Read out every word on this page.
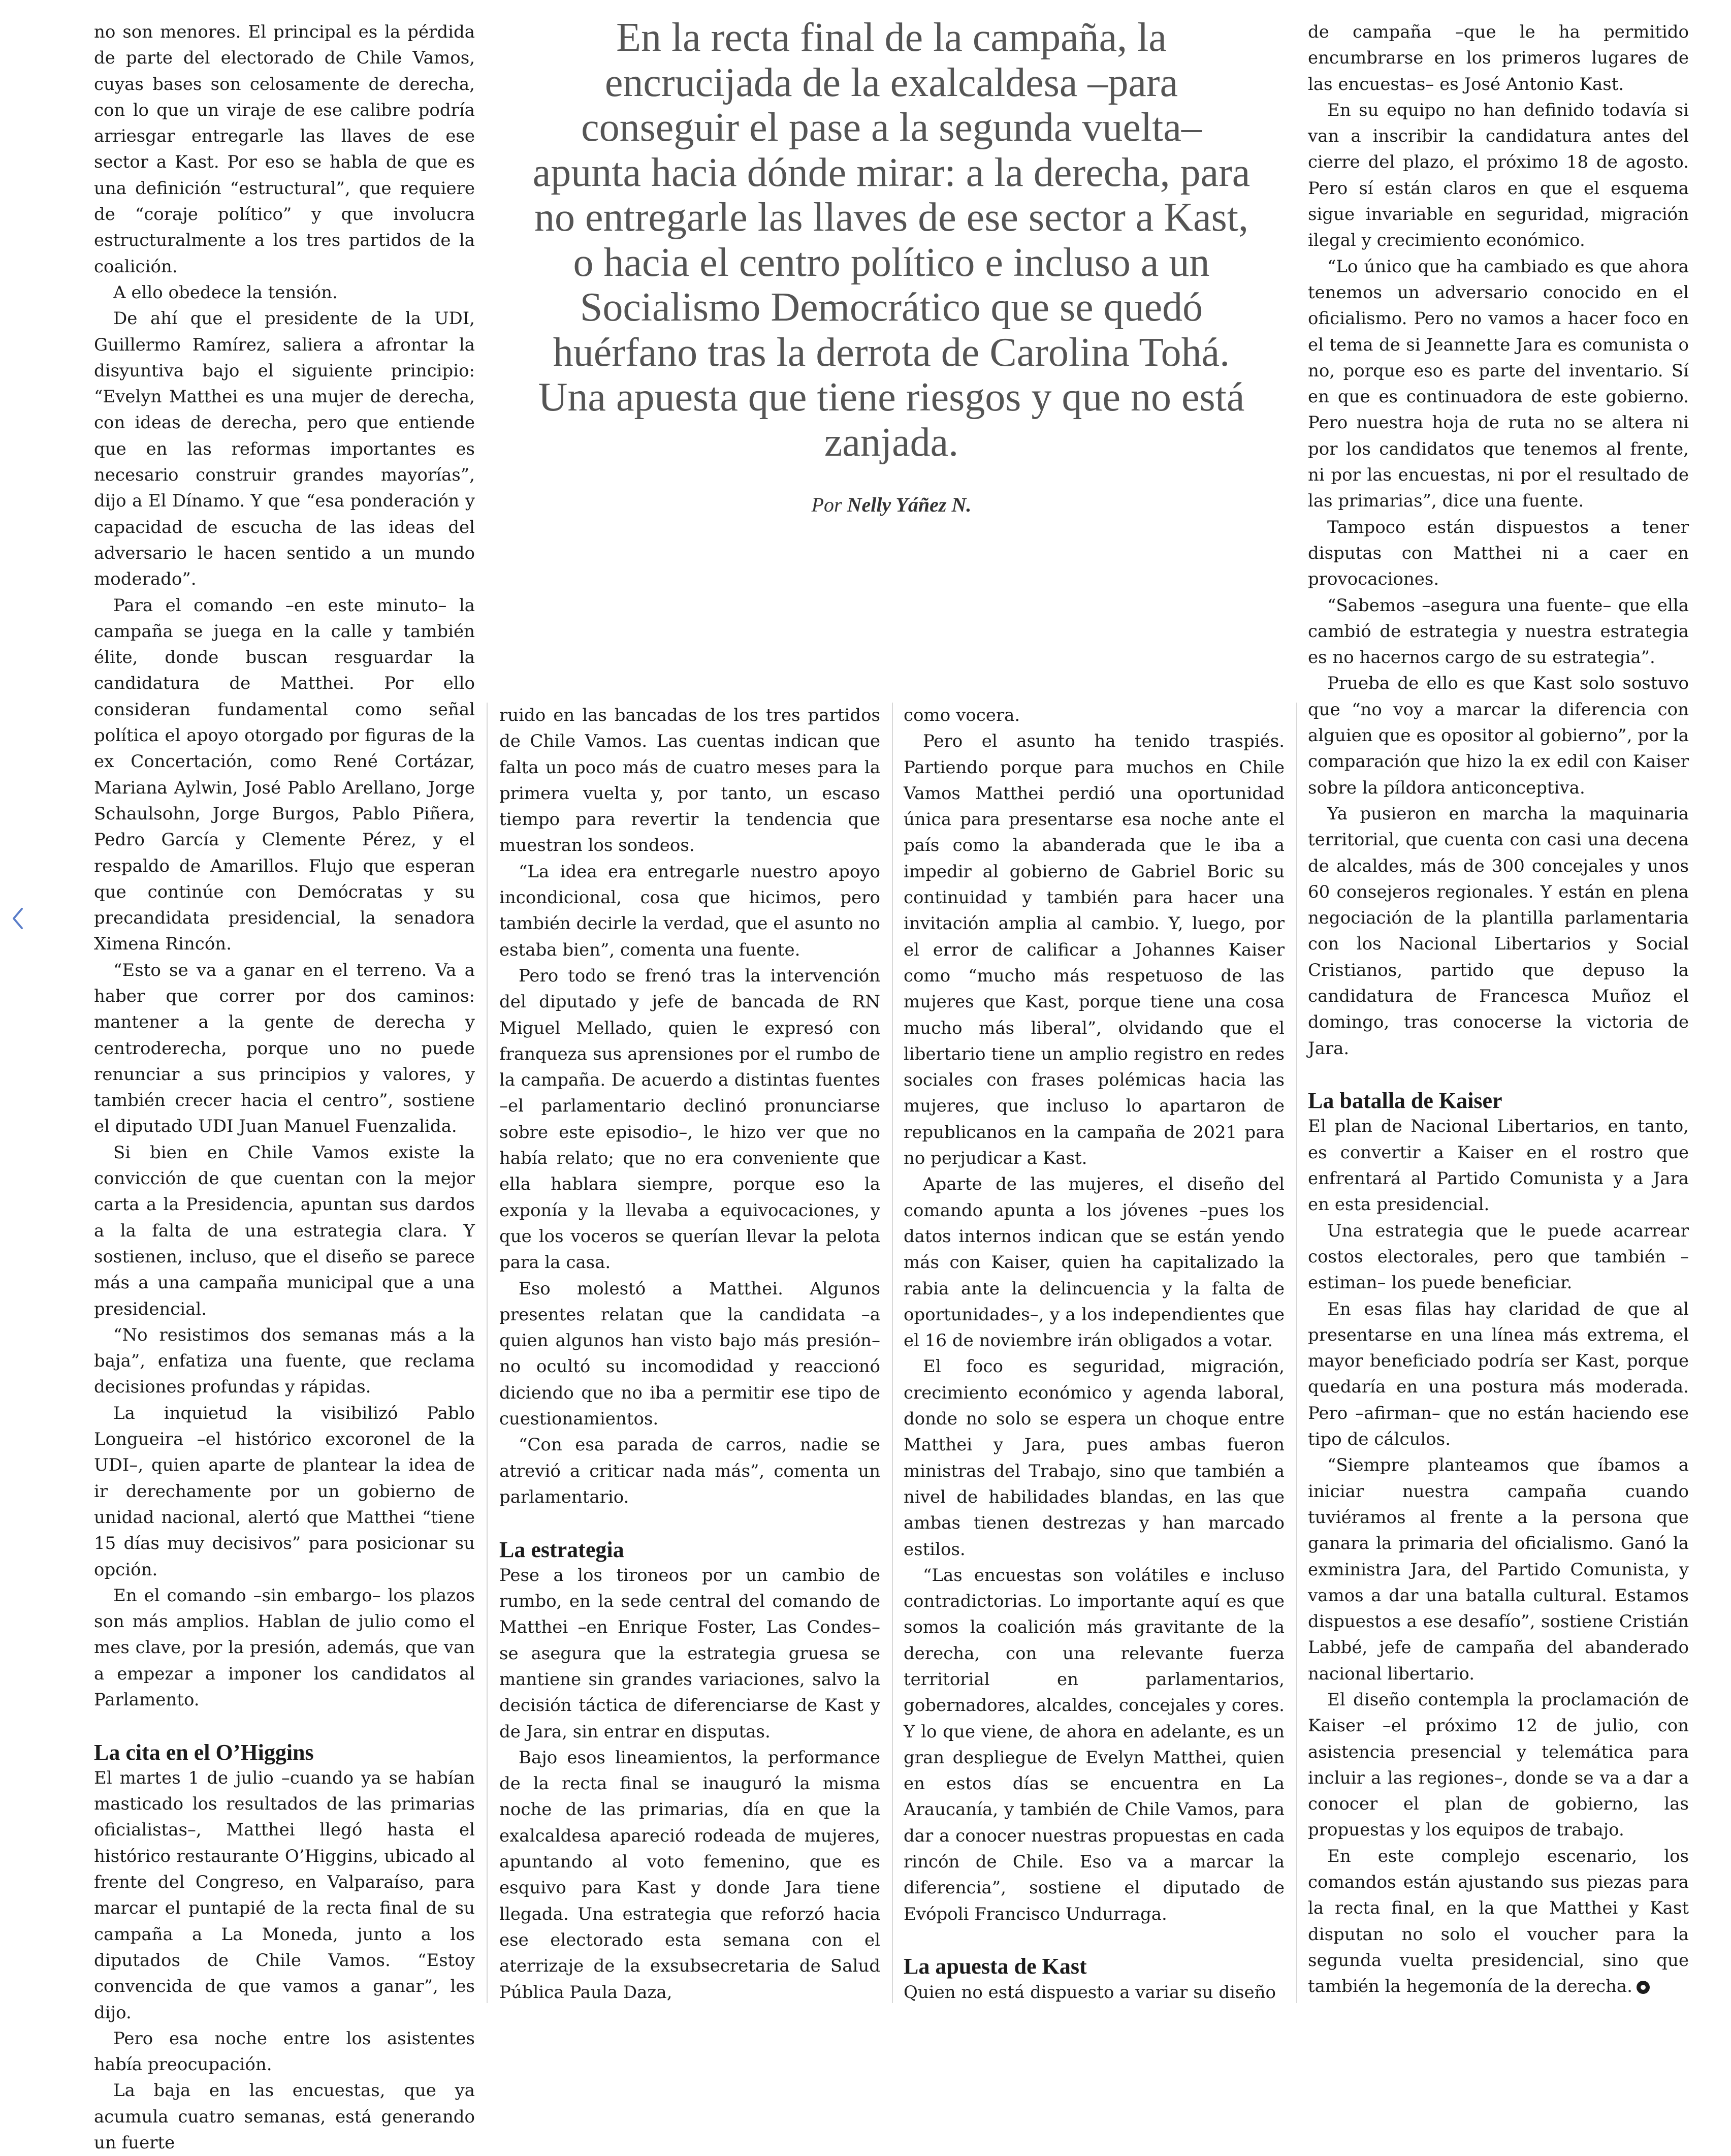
En la recta final de la campaña, la encrucijada de la exalcaldesa –para conseguir el pase a la segunda vuelta– apunta hacia dónde mirar: a la derecha, para no entregarle las llaves de ese sector a Kast, o hacia el centro político e incluso a un Socialismo Democrático que se quedó huérfano tras la derrota de Carolina Tohá. Una apuesta que tiene riesgos y que no está zanjada.

Por Nelly Yáñez N.

no son menores. El principal es la pérdida de parte del electorado de Chile Vamos, cuyas bases son celosamente de derecha, con lo que un viraje de ese calibre podría arriesgar entregarle las llaves de ese sector a Kast. Por eso se habla de que es una definición “estructural”, que requiere de “coraje político” y que involucra estructuralmente a los tres partidos de la coalición.

A ello obedece la tensión.

De ahí que el presidente de la UDI, Guillermo Ramírez, saliera a afrontar la disyuntiva bajo el siguiente principio: “Evelyn Matthei es una mujer de derecha, con ideas de derecha, pero que entiende que en las reformas importantes es necesario construir grandes mayorías”, dijo a El Dínamo. Y que “esa ponderación y capacidad de escucha de las ideas del adversario le hacen sentido a un mundo moderado”.

Para el comando –en este minuto– la campaña se juega en la calle y también élite, donde buscan resguardar la candidatura de Matthei. Por ello consideran fundamental como señal política el apoyo otorgado por figuras de la ex Concertación, como René Cortázar, Mariana Aylwin, José Pablo Arellano, Jorge Schaulsohn, Jorge Burgos, Pablo Piñera, Pedro García y Clemente Pérez, y el respaldo de Amarillos. Flujo que esperan que continúe con Demócratas y su precandidata presidencial, la senadora Ximena Rincón.

“Esto se va a ganar en el terreno. Va a haber que correr por dos caminos: mantener a la gente de derecha y centroderecha, porque uno no puede renunciar a sus principios y valores, y también crecer hacia el centro”, sostiene el diputado UDI Juan Manuel Fuenzalida.

Si bien en Chile Vamos existe la convicción de que cuentan con la mejor carta a la Presidencia, apuntan sus dardos a la falta de una estrategia clara. Y sostienen, incluso, que el diseño se parece más a una campaña municipal que a una presidencial.

“No resistimos dos semanas más a la baja”, enfatiza una fuente, que reclama decisiones profundas y rápidas.

La inquietud la visibilizó Pablo Longueira –el histórico excoronel de la UDI–, quien aparte de plantear la idea de ir derechamente por un gobierno de unidad nacional, alertó que Matthei “tiene 15 días muy decisivos” para posicionar su opción.

En el comando –sin embargo– los plazos son más amplios. Hablan de julio como el mes clave, por la presión, además, que van a empezar a imponer los candidatos al Parlamento.

La cita en el O’Higgins

El martes 1 de julio –cuando ya se habían masticado los resultados de las primarias oficialistas–, Matthei llegó hasta el histórico restaurante O’Higgins, ubicado al frente del Congreso, en Valparaíso, para marcar el puntapié de la recta final de su campaña a La Moneda, junto a los diputados de Chile Vamos. “Estoy convencida de que vamos a ganar”, les dijo.

Pero esa noche entre los asistentes había preocupación.

La baja en las encuestas, que ya acumula cuatro semanas, está generando un fuerte

ruido en las bancadas de los tres partidos de Chile Vamos. Las cuentas indican que falta un poco más de cuatro meses para la primera vuelta y, por tanto, un escaso tiempo para revertir la tendencia que muestran los sondeos.

“La idea era entregarle nuestro apoyo incondicional, cosa que hicimos, pero también decirle la verdad, que el asunto no estaba bien”, comenta una fuente.

Pero todo se frenó tras la intervención del diputado y jefe de bancada de RN Miguel Mellado, quien le expresó con franqueza sus aprensiones por el rumbo de la campaña. De acuerdo a distintas fuentes –el parlamentario declinó pronunciarse sobre este episodio–, le hizo ver que no había relato; que no era conveniente que ella hablara siempre, porque eso la exponía y la llevaba a equivocaciones, y que los voceros se querían llevar la pelota para la casa.

Eso molestó a Matthei. Algunos presentes relatan que la candidata –a quien algunos han visto bajo más presión– no ocultó su incomodidad y reaccionó diciendo que no iba a permitir ese tipo de cuestionamientos.

“Con esa parada de carros, nadie se atrevió a criticar nada más”, comenta un parlamentario.

La estrategia

Pese a los tironeos por un cambio de rumbo, en la sede central del comando de Matthei –en Enrique Foster, Las Condes– se asegura que la estrategia gruesa se mantiene sin grandes variaciones, salvo la decisión táctica de diferenciarse de Kast y de Jara, sin entrar en disputas.

Bajo esos lineamientos, la performance de la recta final se inauguró la misma noche de las primarias, día en que la exalcaldesa apareció rodeada de mujeres, apuntando al voto femenino, que es esquivo para Kast y donde Jara tiene llegada. Una estrategia que reforzó hacia ese electorado esta semana con el aterrizaje de la exsubsecretaria de Salud Pública Paula Daza,

como vocera.

Pero el asunto ha tenido traspiés. Partiendo porque para muchos en Chile Vamos Matthei perdió una oportunidad única para presentarse esa noche ante el país como la abanderada que le iba a impedir al gobierno de Gabriel Boric su continuidad y también para hacer una invitación amplia al cambio. Y, luego, por el error de calificar a Johannes Kaiser como “mucho más respetuoso de las mujeres que Kast, porque tiene una cosa mucho más liberal”, olvidando que el libertario tiene un amplio registro en redes sociales con frases polémicas hacia las mujeres, que incluso lo apartaron de republicanos en la campaña de 2021 para no perjudicar a Kast.

Aparte de las mujeres, el diseño del comando apunta a los jóvenes –pues los datos internos indican que se están yendo más con Kaiser, quien ha capitalizado la rabia ante la delincuencia y la falta de oportunidades–, y a los independientes que el 16 de noviembre irán obligados a votar.

El foco es seguridad, migración, crecimiento económico y agenda laboral, donde no solo se espera un choque entre Matthei y Jara, pues ambas fueron ministras del Trabajo, sino que también a nivel de habilidades blandas, en las que ambas tienen destrezas y han marcado estilos.

“Las encuestas son volátiles e incluso contradictorias. Lo importante aquí es que somos la coalición más gravitante de la derecha, con una relevante fuerza territorial en parlamentarios, gobernadores, alcaldes, concejales y cores. Y lo que viene, de ahora en adelante, es un gran despliegue de Evelyn Matthei, quien en estos días se encuentra en La Araucanía, y también de Chile Vamos, para dar a conocer nuestras propuestas en cada rincón de Chile. Eso va a marcar la diferencia”, sostiene el diputado de Evópoli Francisco Undurraga.

La apuesta de Kast

Quien no está dispuesto a variar su diseño

de campaña –que le ha permitido encumbrarse en los primeros lugares de las encuestas– es José Antonio Kast.

En su equipo no han definido todavía si van a inscribir la candidatura antes del cierre del plazo, el próximo 18 de agosto. Pero sí están claros en que el esquema sigue invariable en seguridad, migración ilegal y crecimiento económico.

“Lo único que ha cambiado es que ahora tenemos un adversario conocido en el oficialismo. Pero no vamos a hacer foco en el tema de si Jeannette Jara es comunista o no, porque eso es parte del inventario. Sí en que es continuadora de este gobierno. Pero nuestra hoja de ruta no se altera ni por los candidatos que tenemos al frente, ni por las encuestas, ni por el resultado de las primarias”, dice una fuente.

Tampoco están dispuestos a tener disputas con Matthei ni a caer en provocaciones.

“Sabemos –asegura una fuente– que ella cambió de estrategia y nuestra estrategia es no hacernos cargo de su estrategia”.

Prueba de ello es que Kast solo sostuvo que “no voy a marcar la diferencia con alguien que es opositor al gobierno”, por la comparación que hizo la ex edil con Kaiser sobre la píldora anticonceptiva.

Ya pusieron en marcha la maquinaria territorial, que cuenta con casi una decena de alcaldes, más de 300 concejales y unos 60 consejeros regionales. Y están en plena negociación de la plantilla parlamentaria con los Nacional Libertarios y Social Cristianos, partido que depuso la candidatura de Francesca Muñoz el domingo, tras conocerse la victoria de Jara.

La batalla de Kaiser

El plan de Nacional Libertarios, en tanto, es convertir a Kaiser en el rostro que enfrentará al Partido Comunista y a Jara en esta presidencial.

Una estrategia que le puede acarrear costos electorales, pero que también –estiman– los puede beneficiar.

En esas filas hay claridad de que al presentarse en una línea más extrema, el mayor beneficiado podría ser Kast, porque quedaría en una postura más moderada. Pero –afirman– que no están haciendo ese tipo de cálculos.

“Siempre planteamos que íbamos a iniciar nuestra campaña cuando tuviéramos al frente a la persona que ganara la primaria del oficialismo. Ganó la exministra Jara, del Partido Comunista, y vamos a dar una batalla cultural. Estamos dispuestos a ese desafío”, sostiene Cristián Labbé, jefe de campaña del abanderado nacional libertario.

El diseño contempla la proclamación de Kaiser –el próximo 12 de julio, con asistencia presencial y telemática para incluir a las regiones–, donde se va a dar a conocer el plan de gobierno, las propuestas y los equipos de trabajo.

En este complejo escenario, los comandos están ajustando sus piezas para la recta final, en la que Matthei y Kast disputan no solo el voucher para la segunda vuelta presidencial, sino que también la hegemonía de la derecha.
